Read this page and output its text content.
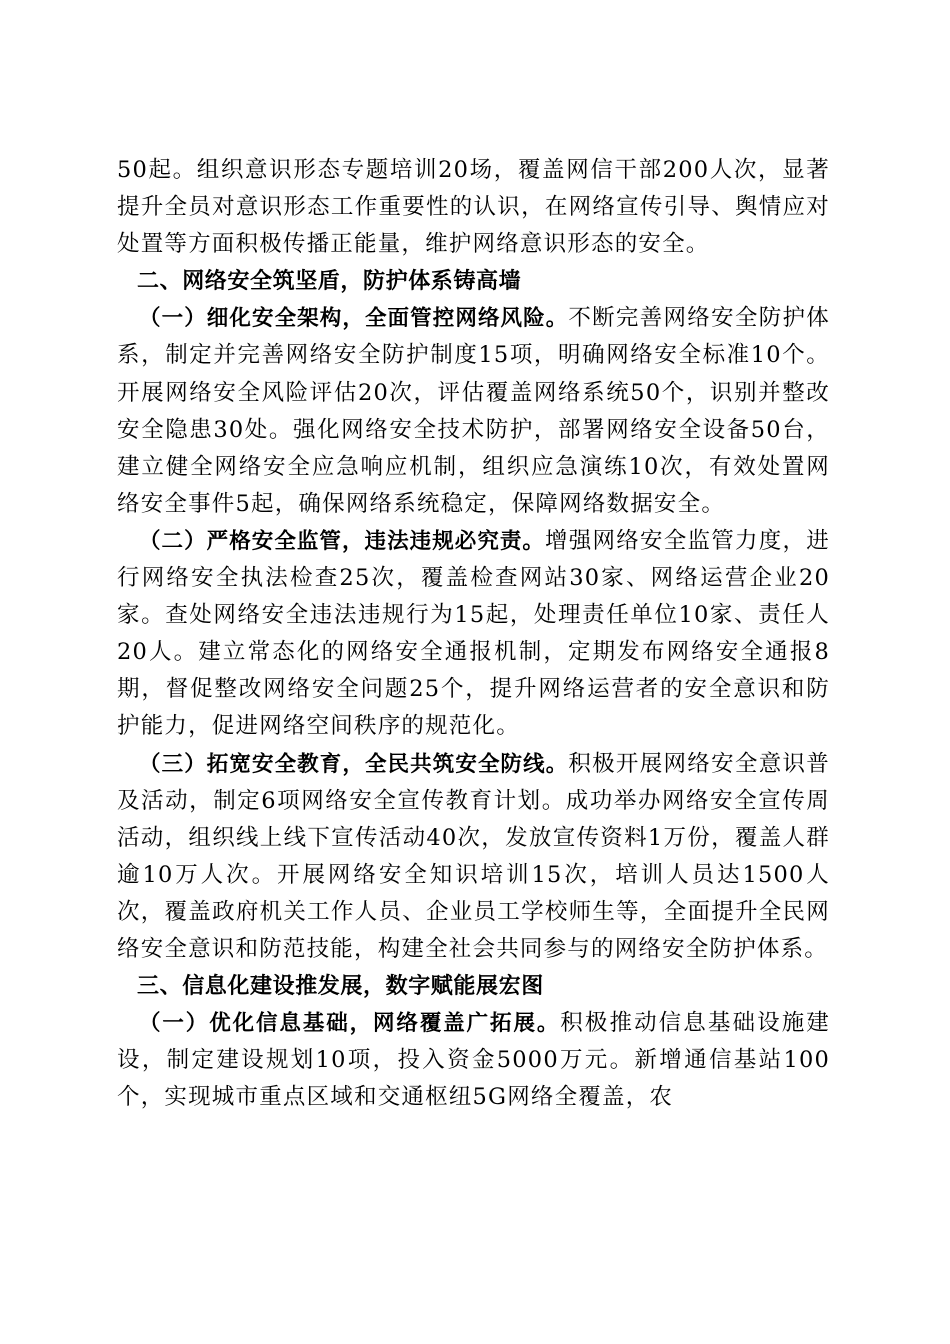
50起。组织意识形态专题培训20场，覆盖网信干部200人次，显著提升全员对意识形态工作重要性的认识，在网络宣传引导、舆情应对处置等方面积极传播正能量，维护网络意识形态的安全。

二、网络安全筑坚盾，防护体系铸高墙

（一）细化安全架构，全面管控网络风险。不断完善网络安全防护体系，制定并完善网络安全防护制度15项，明确网络安全标准10个。开展网络安全风险评估20次，评估覆盖网络系统50个，识别并整改安全隐患30处。强化网络安全技术防护，部署网络安全设备50台，建立健全网络安全应急响应机制，组织应急演练10次，有效处置网络安全事件5起，确保网络系统稳定，保障网络数据安全。

（二）严格安全监管，违法违规必究责。增强网络安全监管力度，进行网络安全执法检查25次，覆盖检查网站30家、网络运营企业20家。查处网络安全违法违规行为15起，处理责任单位10家、责任人20人。建立常态化的网络安全通报机制，定期发布网络安全通报8期，督促整改网络安全问题25个，提升网络运营者的安全意识和防护能力，促进网络空间秩序的规范化。

（三）拓宽安全教育，全民共筑安全防线。积极开展网络安全意识普及活动，制定6项网络安全宣传教育计划。成功举办网络安全宣传周活动，组织线上线下宣传活动40次，发放宣传资料1万份，覆盖人群逾10万人次。开展网络安全知识培训15次，培训人员达1500人次，覆盖政府机关工作人员、企业员工学校师生等，全面提升全民网络安全意识和防范技能，构建全社会共同参与的网络安全防护体系。

三、信息化建设推发展，数字赋能展宏图

（一）优化信息基础，网络覆盖广拓展。积极推动信息基础设施建设，制定建设规划10项，投入资金5000万元。新增通信基站100个，实现城市重点区域和交通枢纽5G网络全覆盖，农
